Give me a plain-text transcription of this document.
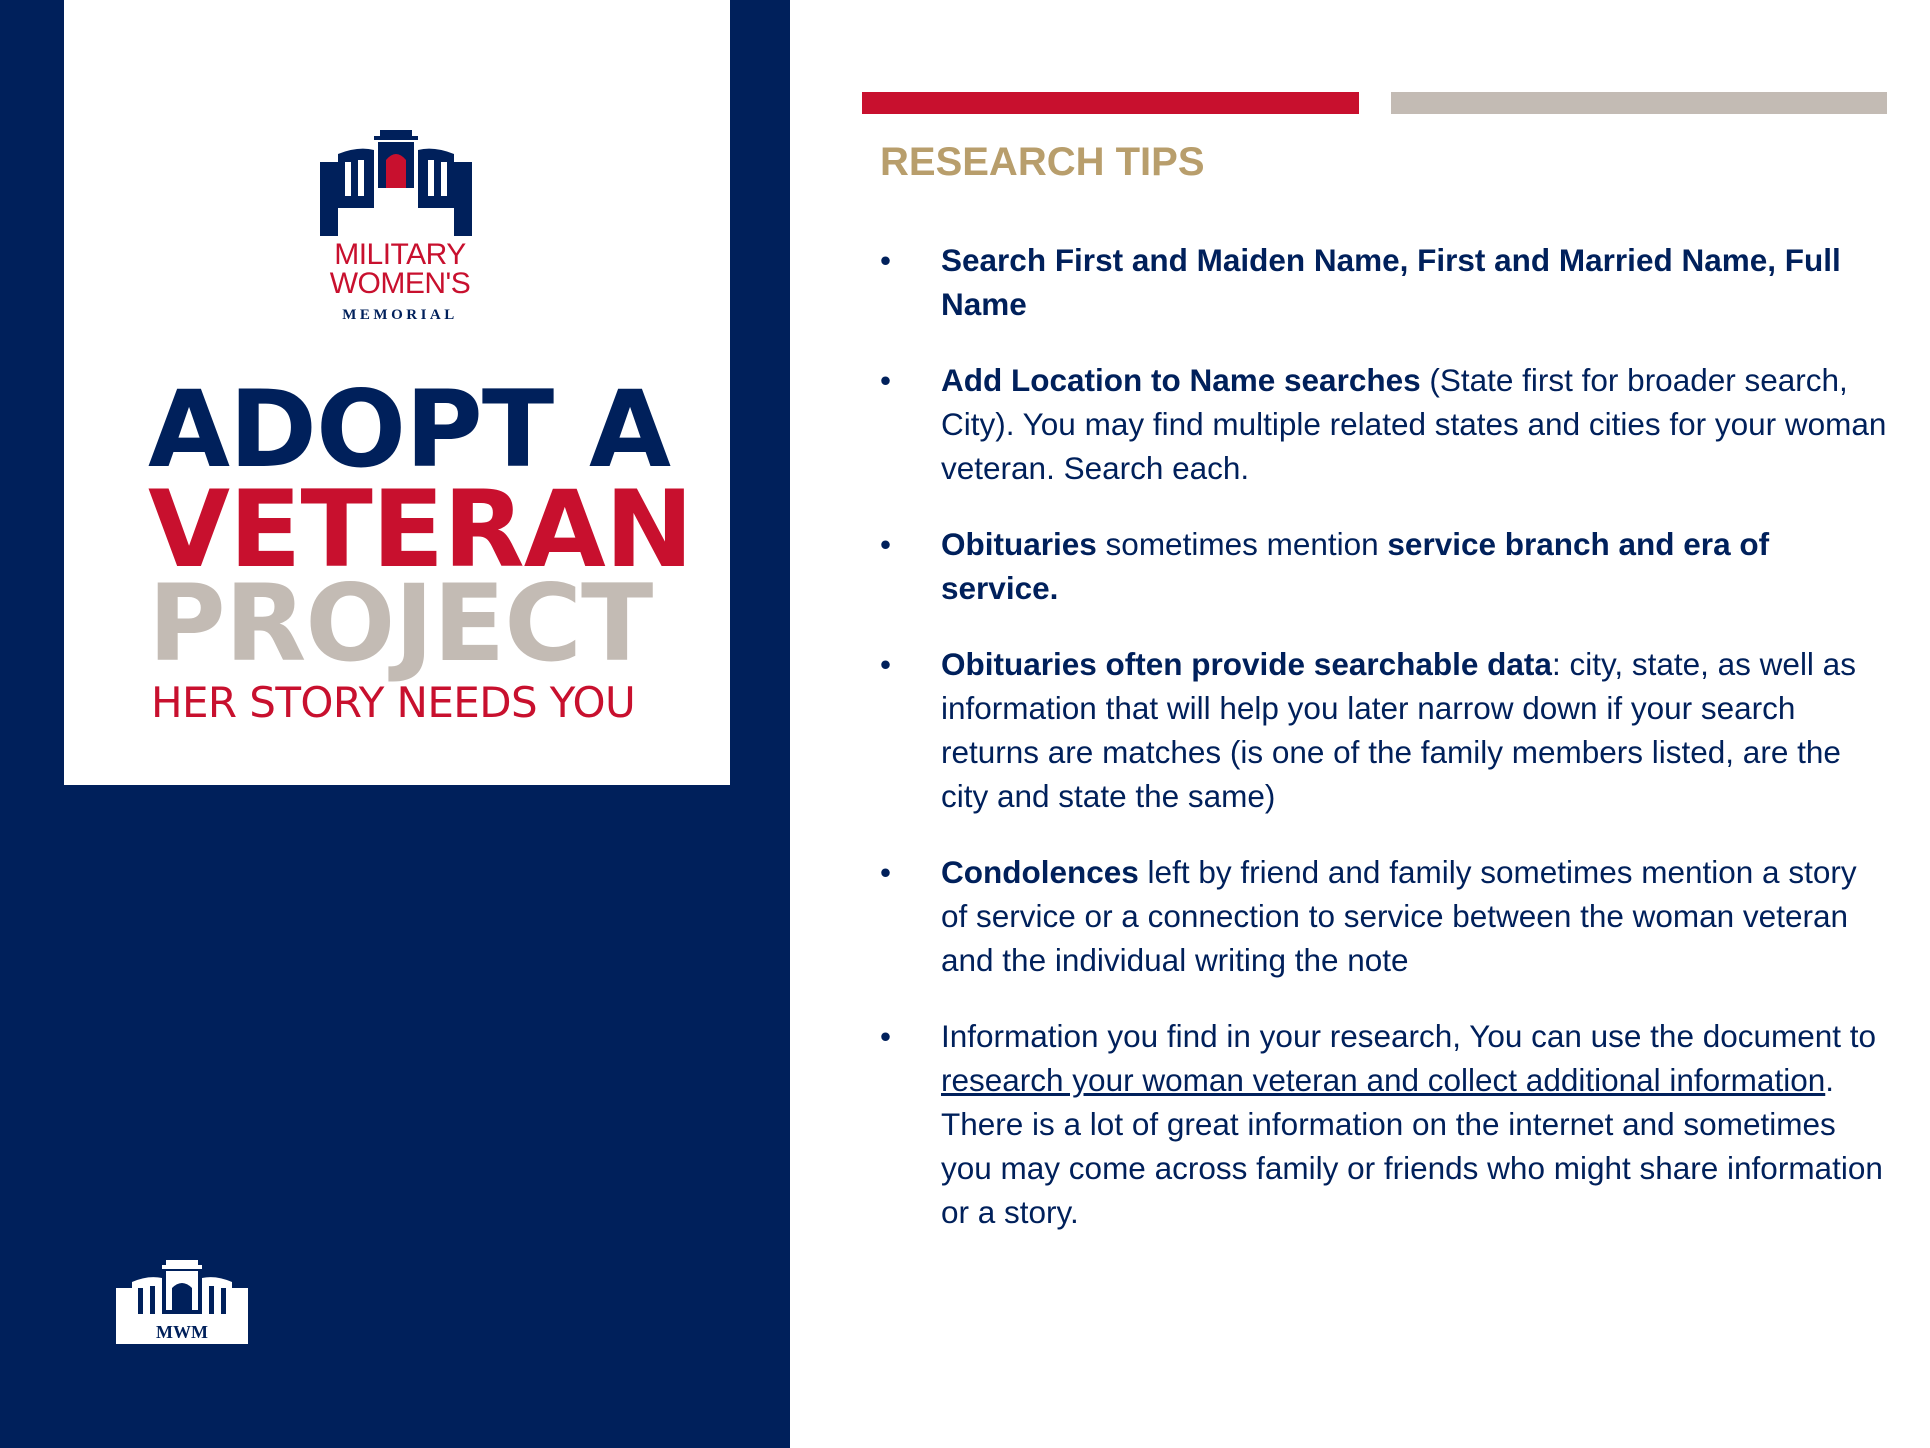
MILITARY
WOMEN'S
MEMORIAL
ADOPT A
VETERAN
PROJECT
HER STORY NEEDS YOU
MWM
RESEARCH TIPS
•	Search First and Maiden Name, First and Married Name, Full Name
•	Add Location to Name searches (State first for broader search, City). You may find multiple related states and cities for your woman veteran. Search each.
•	Obituaries sometimes mention service branch and era of service.
•	Obituaries often provide searchable data: city, state, as well as information that will help you later narrow down if your search returns are matches (is one of the family members listed, are the city and state the same)
•	Condolences left by friend and family sometimes mention a story of service or a connection to service between the woman veteran and the individual writing the note
•	Information you find in your research, You can use the document to research your woman veteran and collect additional information. There is a lot of great information on the internet and sometimes you may come across family or friends who might share information or a story.
